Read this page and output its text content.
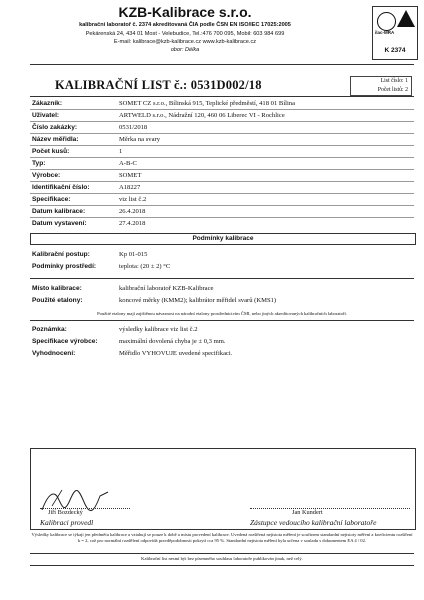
KZB-Kalibrace s.r.o.
kalibrační laboratoř č. 2374 akreditovaná ČIA podle ČSN EN ISO/IEC 17025:2005
Pekárenská 24, 434 01 Most - Velebudice, Tel.:476 700 095, Mobil: 603 984 699
E-mail: kalibrace@kzb-kalibrace.cz www.kzb-kalibrace.cz
obor: Délka
ilac-MRA
K 2374
KALIBRAČNÍ LIST č.: 0531D002/18	List číslo: 1
Počet listů: 2
Zákazník:	SOMET CZ s.r.o., Bílinská 915, Teplické předměstí, 418 01 Bílina
Uživatel:	ARTWELD s.r.o., Nádražní 120, 460 06 Liberec VI - Rochlice
Číslo zakázky:	0531/2018
Název měřidla:	Měrka na svary
Počet kusů:	1
Typ:	A-B-C
Výrobce:	SOMET
Identifikační číslo:	A18227
Specifikace:	viz list č.2
Datum kalibrace:	26.4.2018
Datum vystavení:	27.4.2018
Podmínky kalibrace
Kalibrační postup:	Kp 01-015
Podmínky prostředí:	teplota: (20 ± 2) °C
Místo kalibrace:	kalibrační laboratoř KZB-Kalibrace
Použité etalony:	koncové měrky (KMM2); kalibrátor měřidel svarů (KMS1)
Použité etalony mají zajištěnou návaznost na národní etalony prostřednictvím ČMI, nebo jiných akreditovaných kalibračních laboratoří.
Poznámka:	výsledky kalibrace viz list č.2
Specifikace výrobce:	maximální dovolená chyba je ± 0,3 mm.
Vyhodnocení:	Měřidlo VYHOVUJE uvedené specifikaci.
Jiří Bozdecký
Kalibraci provedl
Jan Kundert
Zástupce vedoucího kalibrační laboratoře
Výsledky kalibrace se týkají jen předmětu kalibrace a vztahují se pouze k době a místu provedení kalibrace. Uvedená rozšířená nejistota měření je součinem standardní nejistoty měření a koeficientu rozšíření k = 2, což pro normální rozdělení odpovídá pravděpodobnosti pokrytí cca 95 %. Standardní nejistota měření byla určena v souladu s dokumentem EA 4 / 02.
Kalibrační list nesmí být bez písemného souhlasu laboratoře publikován jinak, než celý.
